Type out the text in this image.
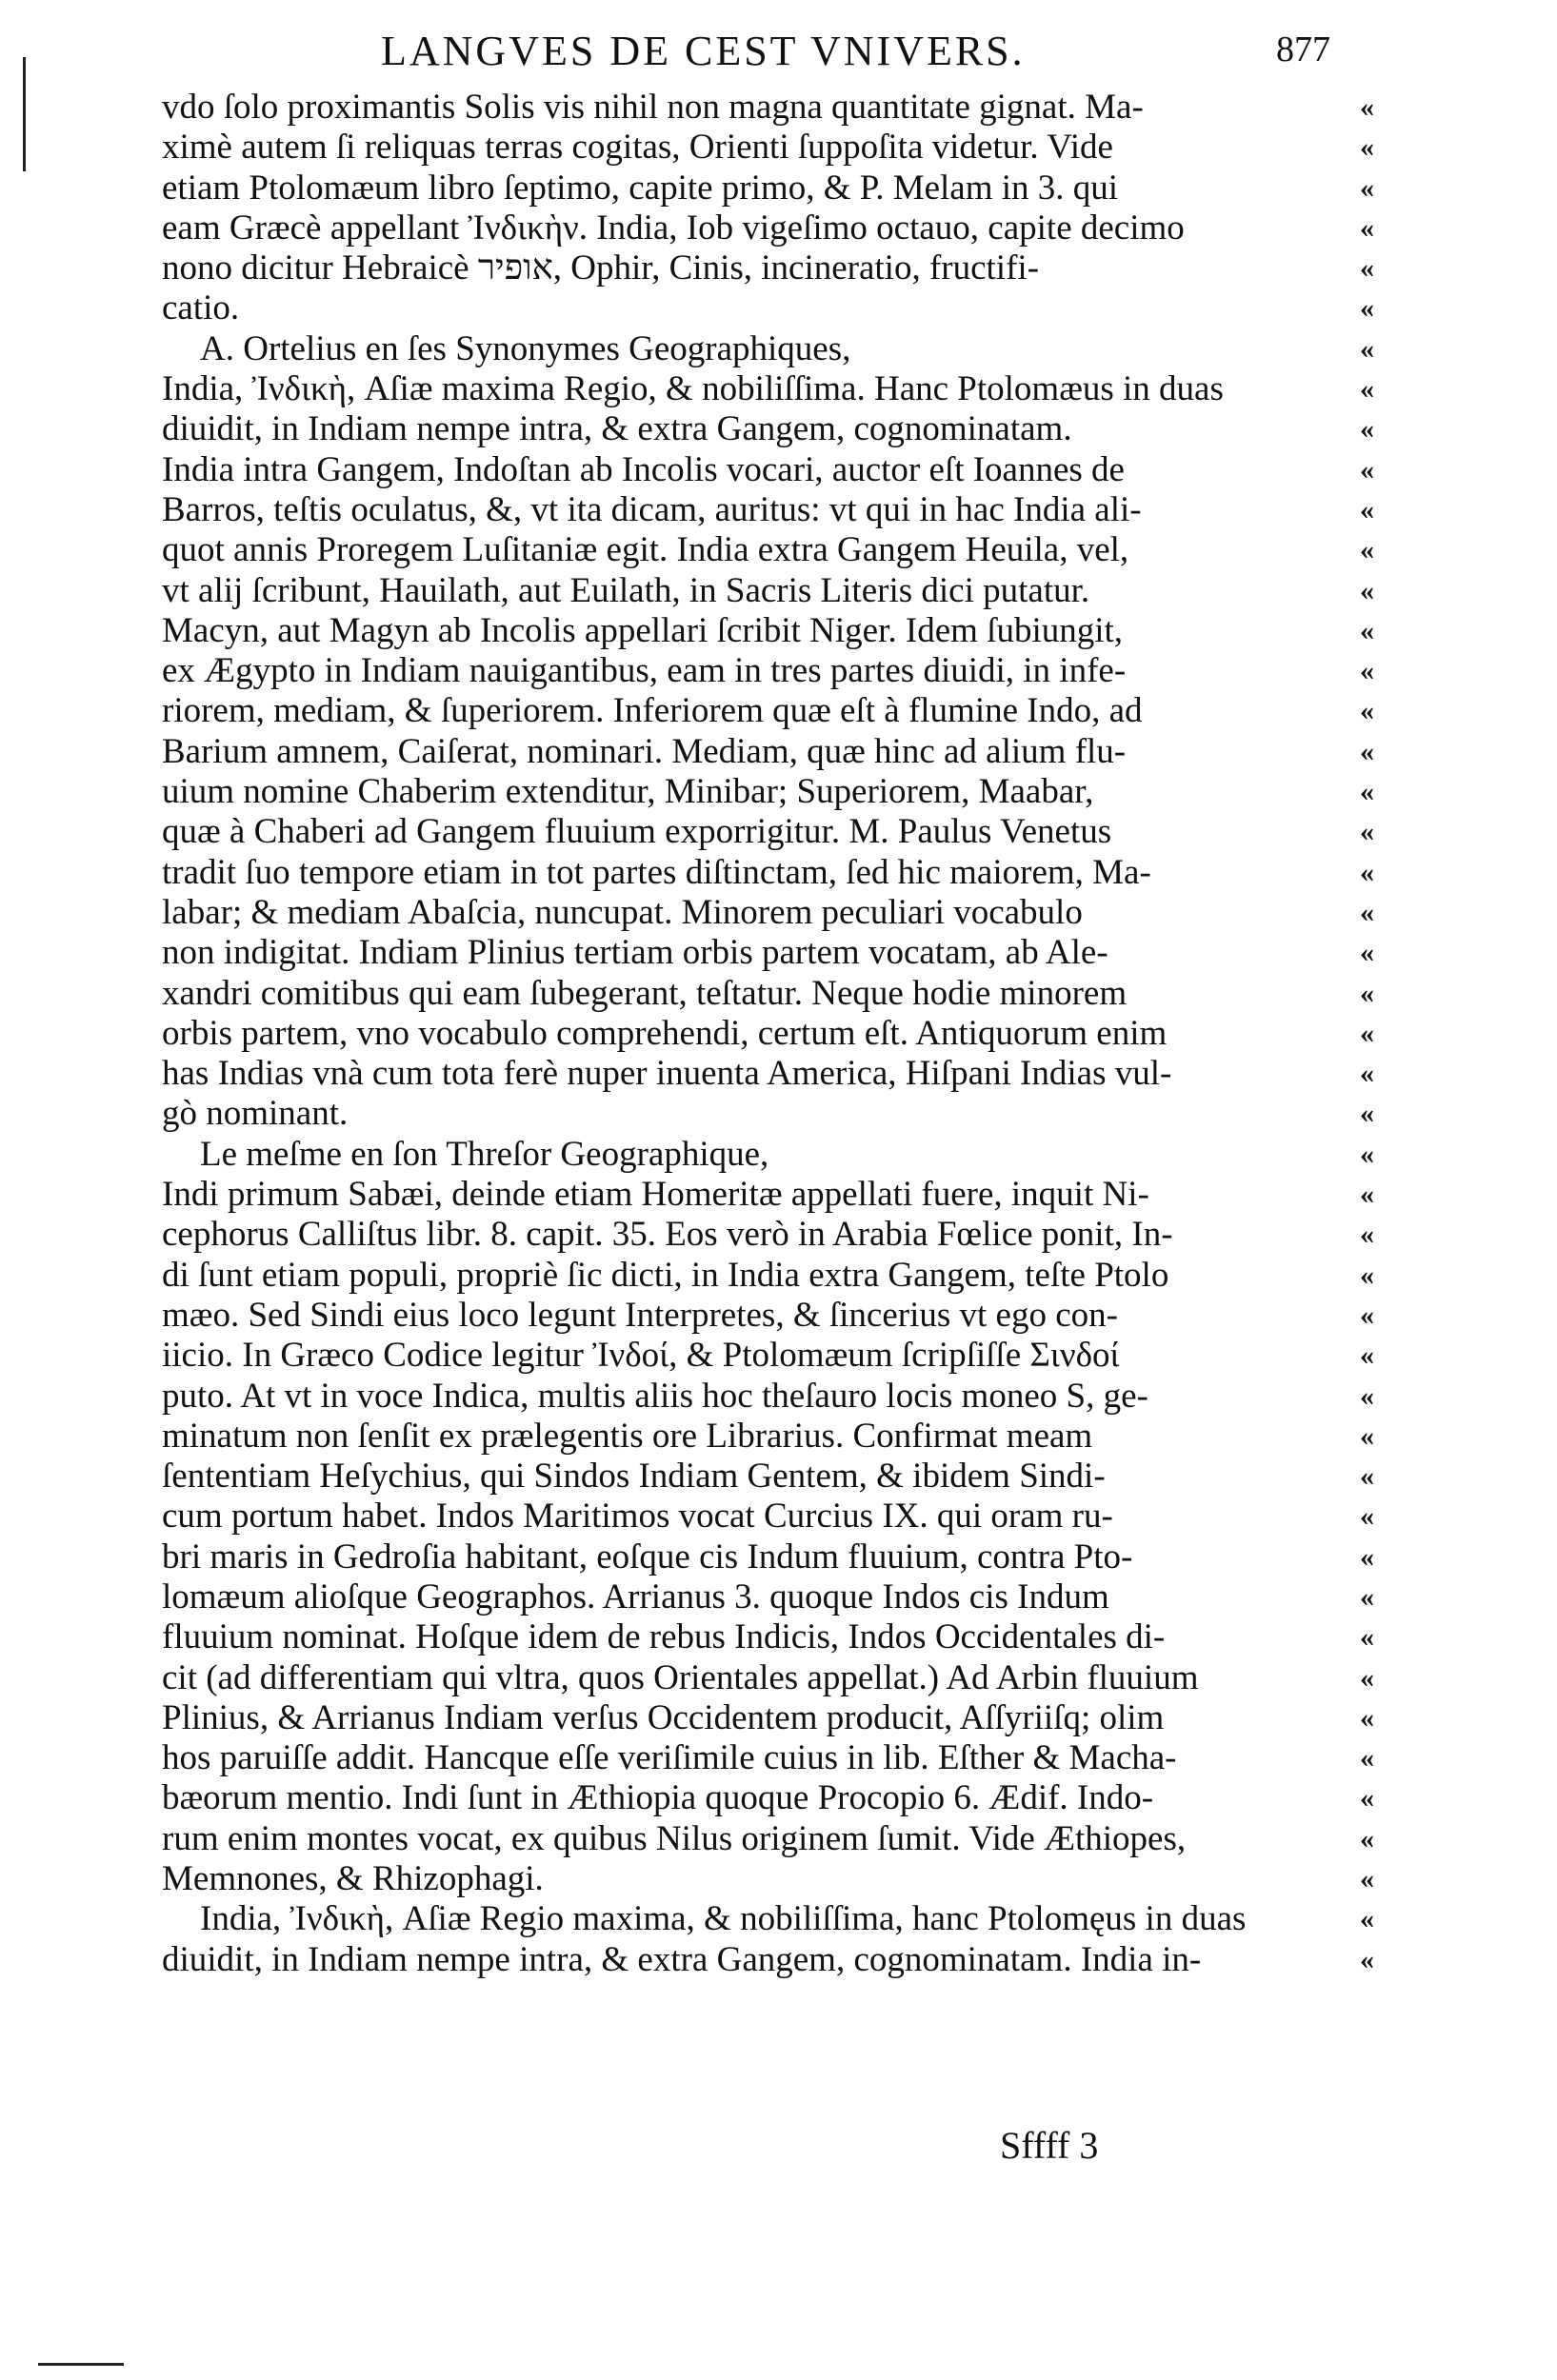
LANGVES DE CEST VNIVERS.	877
vdo ſolo proximantis Solis vis nihil non magna quantitate gignat. Ma-
ximè autem ſi reliquas terras cogitas, Orienti ſuppoſita videtur. Vide
etiam Ptolomæum libro ſeptimo, capite primo, & P. Melam in 3. qui
eam Græcè appellant Ἰνδικὴν. India, Iob vigeſimo octauo, capite decimo
nono dicitur Hebraicè אופיר, Ophir, Cinis, incineratio, fructifi-
catio.
A. Ortelius en ſes Synonymes Geographiques,
India, Ἰνδικὴ, Aſiæ maxima Regio, & nobiliſſima. Hanc Ptolomæus in duas
diuidit, in Indiam nempe intra, & extra Gangem, cognominatam.
India intra Gangem, Indoſtan ab Incolis vocari, auctor eſt Ioannes de
Barros, teſtis oculatus, &, vt ita dicam, auritus: vt qui in hac India ali-
quot annis Proregem Luſitaniæ egit. India extra Gangem Heuila, vel,
vt alij ſcribunt, Hauilath, aut Euilath, in Sacris Literis dici putatur.
Macyn, aut Magyn ab Incolis appellari ſcribit Niger. Idem ſubiungit,
ex Ægypto in Indiam nauigantibus, eam in tres partes diuidi, in infe-
riorem, mediam, & ſuperiorem. Inferiorem quæ eſt à flumine Indo, ad
Barium amnem, Caiſerat, nominari. Mediam, quæ hinc ad alium flu-
uium nomine Chaberim extenditur, Minibar; Superiorem, Maabar,
quæ à Chaberi ad Gangem fluuium exporrigitur. M. Paulus Venetus
tradit ſuo tempore etiam in tot partes diſtinctam, ſed hic maiorem, Ma-
labar; & mediam Abaſcia, nuncupat. Minorem peculiari vocabulo
non indigitat. Indiam Plinius tertiam orbis partem vocatam, ab Ale-
xandri comitibus qui eam ſubegerant, teſtatur. Neque hodie minorem
orbis partem, vno vocabulo comprehendi, certum eſt. Antiquorum enim
has Indias vnà cum tota ferè nuper inuenta America, Hiſpani Indias vul-
gò nominant.
Le meſme en ſon Threſor Geographique,
Indi primum Sabæi, deinde etiam Homeritæ appellati fuere, inquit Ni-
cephorus Calliſtus libr. 8. capit. 35. Eos verò in Arabia Fœlice ponit, In-
di ſunt etiam populi, propriè ſic dicti, in India extra Gangem, teſte Ptolo
mæo. Sed Sindi eius loco legunt Interpretes, & ſincerius vt ego con-
iicio. In Græco Codice legitur Ἰνδοί, & Ptolomæum ſcripſiſſe Σινδοί
puto. At vt in voce Indica, multis aliis hoc theſauro locis moneo S, ge-
minatum non ſenſit ex prælegentis ore Librarius. Confirmat meam
ſententiam Heſychius, qui Sindos Indiam Gentem, & ibidem Sindi-
cum portum habet. Indos Maritimos vocat Curcius IX. qui oram ru-
bri maris in Gedroſia habitant, eoſque cis Indum fluuium, contra Pto-
lomæum alioſque Geographos. Arrianus 3. quoque Indos cis Indum
fluuium nominat. Hoſque idem de rebus Indicis, Indos Occidentales di-
cit (ad differentiam qui vltra, quos Orientales appellat.) Ad Arbin fluuium
Plinius, & Arrianus Indiam verſus Occidentem producit, Aſſyriiſq; olim
hos paruiſſe addit. Hancque eſſe veriſimile cuius in lib. Eſther & Macha-
bæorum mentio. Indi ſunt in Æthiopia quoque Procopio 6. Ædif. Indo-
rum enim montes vocat, ex quibus Nilus originem ſumit. Vide Æthiopes,
Memnones, & Rhizophagi.
India, Ἰνδικὴ, Aſiæ Regio maxima, & nobiliſſima, hanc Ptolomęus in duas
diuidit, in Indiam nempe intra, & extra Gangem, cognominatam. India in-
«
«
«
«
«
«
«
«
«
«
«
«
«
«
«
«
«
«
«
«
«
«
«
«
«
«
«
«
«
«
«
«
«
«
«
«
«
«
«
«
«
«
«
«
«
«
«
Sffff 3
